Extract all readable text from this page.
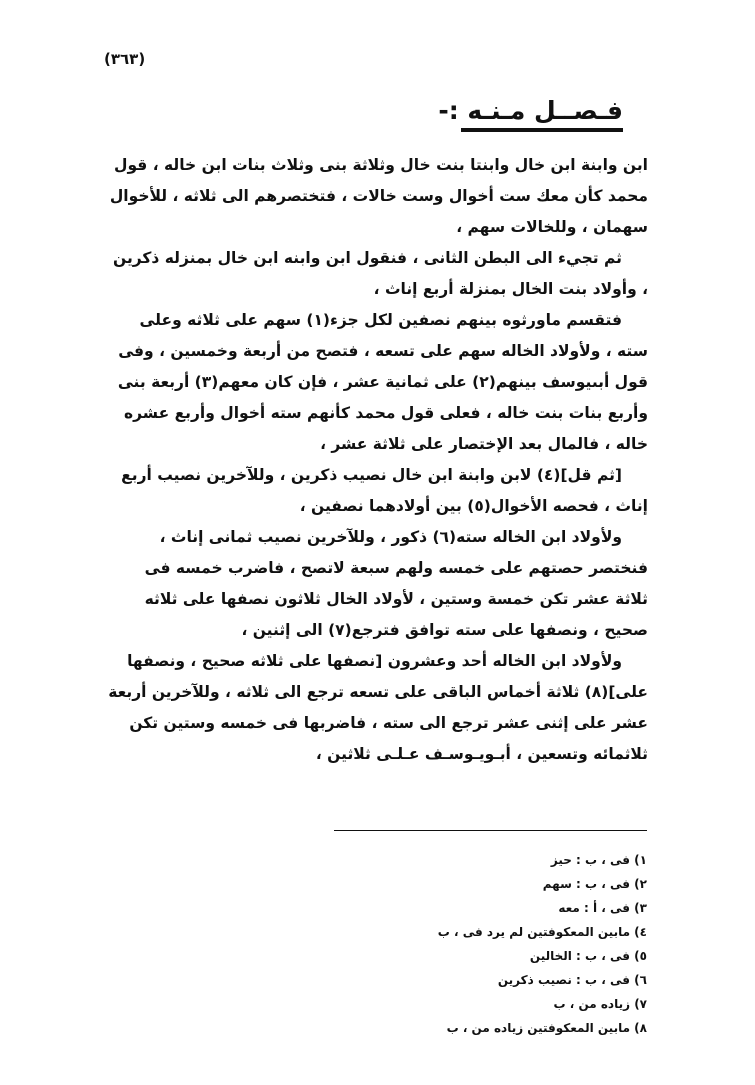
(٣٦٣)
فـصــل مـنـه :-

ابن وابنة ابن خال وابنتا بنت خال وثلاثة بنى وثلاث بنات ابن خاله ، قول محمد كأن معك ست أخوال وست خالات ، فتختصرهم الى ثلاثه ، للأخوال سهمان ، وللخالات سهم ،

ثم تجيء الى البطن الثانى ، فنقول ابن وابنه ابن خال بمنزله ذكرين ، وأولاد بنت الخال بمنزلة أربع إناث ،

فتقسم ماورثوه بينهم نصفين لكل جزء(١) سهم على ثلاثه وعلى سته ، ولأولاد الخاله سهم على تسعه ، فتصح من أربعة وخمسين ، وفى قول أبىيوسف بينهم(٢) على ثمانية عشر ، فإن كان معهم(٣) أربعة بنى وأربع بنات بنت خاله ، فعلى قول محمد كأنهم سته أخوال وأربع عشره خاله ، فالمال بعد الإختصار على ثلاثة عشر ،

[ثم قل](٤) لابن وابنة ابن خال نصيب ذكرين ، وللآخرين نصيب أربع إناث ، فحصه الأخوال(٥) بين أولادهما نصفين ،

ولأولاد ابن الخاله سته(٦) ذكور ، وللآخرين نصيب ثمانى إناث ، فنختصر حصتهم على خمسه ولهم سبعة لاتصح ، فاضرب خمسه فى ثلاثة عشر تكن خمسة وستين ، لأولاد الخال ثلاثون نصفها على ثلاثه صحيح ، ونصفها على سته توافق فترجع(٧) الى إثنين ،

ولأولاد ابن الخاله أحد وعشرون [نصفها على ثلاثه صحيح ، ونصفها على](٨) ثلاثة أخماس الباقى على تسعه ترجع الى ثلاثه ، وللآخرين أربعة عشر على إثنى عشر ترجع الى سته ، فاضربها فى خمسه وستين تكن ثلاثمائه وتسعين ، أبـويـوسـف عـلـى ثلاثين ،

١) فى ، ب : حيز
٢) فى ، ب : سهم
٣) فى ، أ : معه
٤) مابين المعكوفتين لم يرد فى ، ب
٥) فى ، ب : الخالين
٦) فى ، ب : نصيب ذكرين
٧) زياده من ، ب
٨) مابين المعكوفتين زياده من ، ب
